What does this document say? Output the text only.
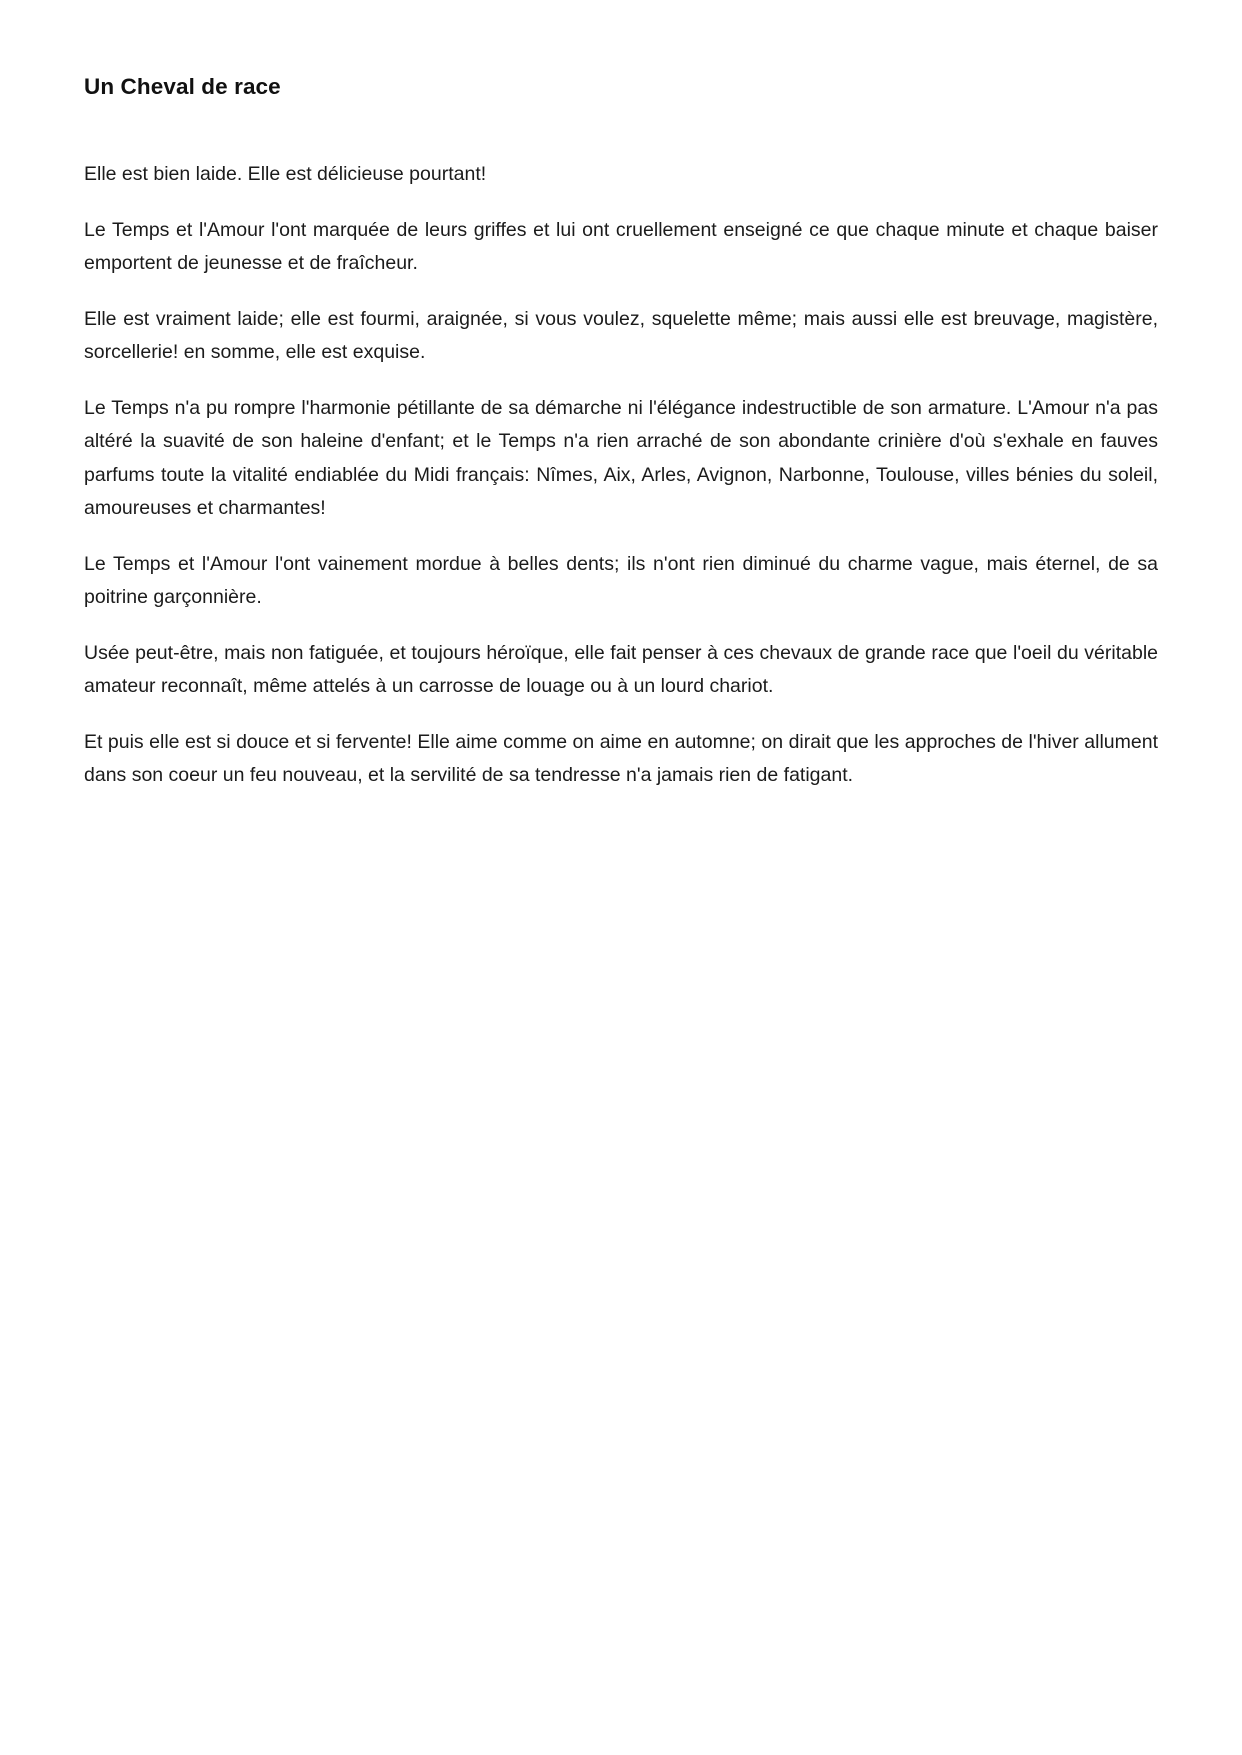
Un Cheval de race

Elle est bien laide. Elle est délicieuse pourtant!

Le Temps et l'Amour l'ont marquée de leurs griffes et lui ont cruellement enseigné ce que chaque minute et chaque baiser emportent de jeunesse et de fraîcheur.

Elle est vraiment laide; elle est fourmi, araignée, si vous voulez, squelette même; mais aussi elle est breuvage, magistère, sorcellerie! en somme, elle est exquise.

Le Temps n'a pu rompre l'harmonie pétillante de sa démarche ni l'élégance indestructible de son armature. L'Amour n'a pas altéré la suavité de son haleine d'enfant; et le Temps n'a rien arraché de son abondante crinière d'où s'exhale en fauves parfums toute la vitalité endiablée du Midi français: Nîmes, Aix, Arles, Avignon, Narbonne, Toulouse, villes bénies du soleil, amoureuses et charmantes!

Le Temps et l'Amour l'ont vainement mordue à belles dents; ils n'ont rien diminué du charme vague, mais éternel, de sa poitrine garçonnière.

Usée peut-être, mais non fatiguée, et toujours héroïque, elle fait penser à ces chevaux de grande race que l'oeil du véritable amateur reconnaît, même attelés à un carrosse de louage ou à un lourd chariot.

Et puis elle est si douce et si fervente! Elle aime comme on aime en automne; on dirait que les approches de l'hiver allument dans son coeur un feu nouveau, et la servilité de sa tendresse n'a jamais rien de fatigant.
